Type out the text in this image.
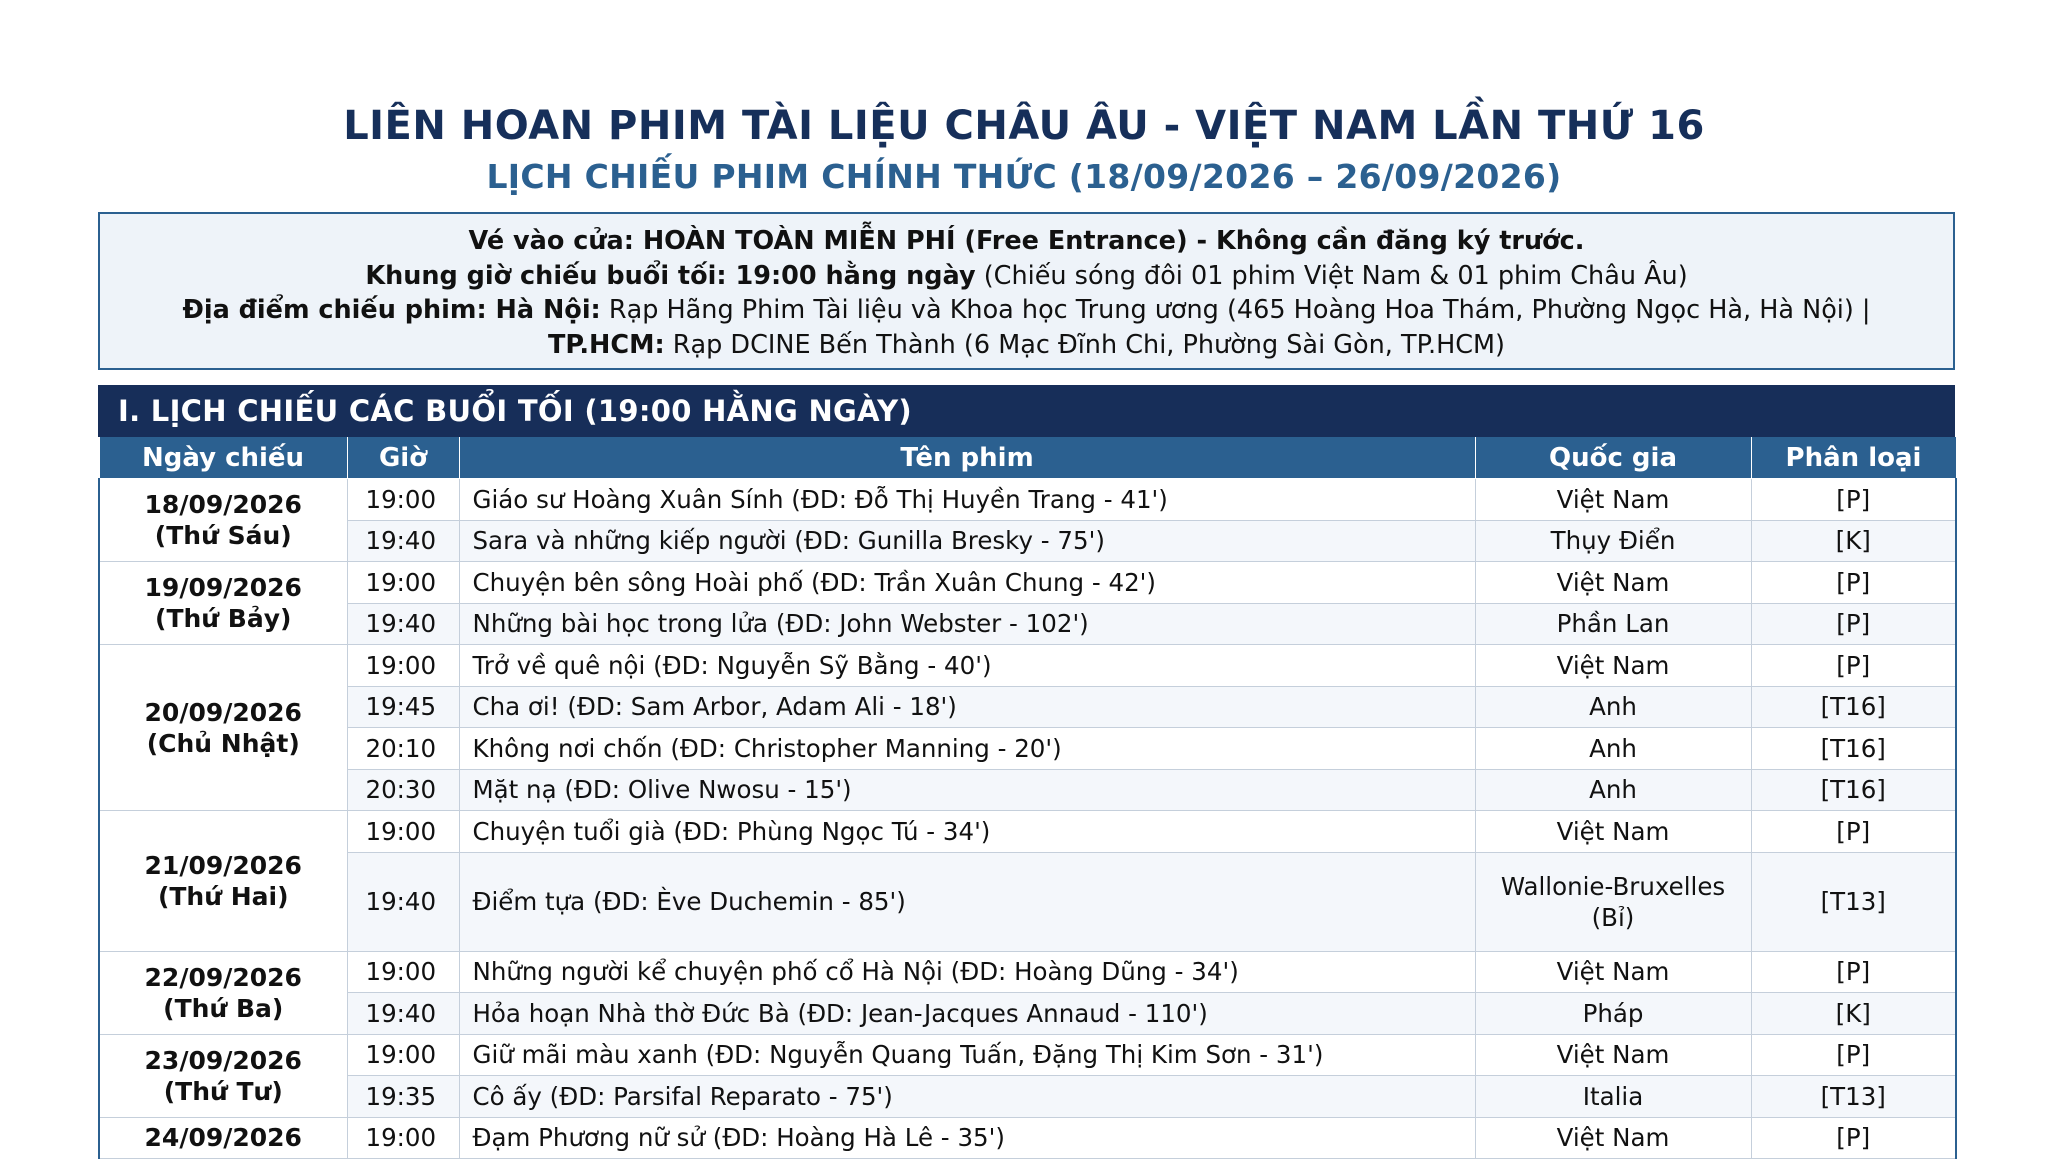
LIÊN HOAN PHIM TÀI LIỆU CHÂU ÂU - VIỆT NAM LẦN THỨ 16
LỊCH CHIẾU PHIM CHÍNH THỨC (18/09/2026 – 26/09/2026)
Vé vào cửa: HOÀN TOÀN MIỄN PHÍ (Free Entrance) - Không cần đăng ký trước.
Khung giờ chiếu buổi tối: 19:00 hằng ngày (Chiếu sóng đôi 01 phim Việt Nam & 01 phim Châu Âu)
Địa điểm chiếu phim: Hà Nội: Rạp Hãng Phim Tài liệu và Khoa học Trung ương (465 Hoàng Hoa Thám, Phường Ngọc Hà, Hà Nội) |
TP.HCM: Rạp DCINE Bến Thành (6 Mạc Đĩnh Chi, Phường Sài Gòn, TP.HCM)
I. LỊCH CHIẾU CÁC BUỔI TỐI (19:00 HẰNG NGÀY)
Ngày chiếu	Giờ	Tên phim	Quốc gia	Phân loại

18/09/2026
(Thứ Sáu)	19:00	Giáo sư Hoàng Xuân Sính (ĐD: Đỗ Thị Huyền Trang - 41')	Việt Nam	[P]
	19:40	Sara và những kiếp người (ĐD: Gunilla Bresky - 75')	Thụy Điển	[K]

19/09/2026
(Thứ Bảy)	19:00	Chuyện bên sông Hoài phố (ĐD: Trần Xuân Chung - 42')	Việt Nam	[P]
	19:40	Những bài học trong lửa (ĐD: John Webster - 102')	Phần Lan	[P]

20/09/2026
(Chủ Nhật)	19:00	Trở về quê nội (ĐD: Nguyễn Sỹ Bằng - 40')	Việt Nam	[P]
	19:45	Cha ơi! (ĐD: Sam Arbor, Adam Ali - 18')	Anh	[T16]
	20:10	Không nơi chốn (ĐD: Christopher Manning - 20')	Anh	[T16]
	20:30	Mặt nạ (ĐD: Olive Nwosu - 15')	Anh	[T16]

21/09/2026
(Thứ Hai)	19:00	Chuyện tuổi già (ĐD: Phùng Ngọc Tú - 34')	Việt Nam	[P]
	19:40	Điểm tựa (ĐD: Ève Duchemin - 85')	Wallonie-Bruxelles (Bỉ)	[T13]

22/09/2026
(Thứ Ba)	19:00	Những người kể chuyện phố cổ Hà Nội (ĐD: Hoàng Dũng - 34')	Việt Nam	[P]
	19:40	Hỏa hoạn Nhà thờ Đức Bà (ĐD: Jean-Jacques Annaud - 110')	Pháp	[K]

23/09/2026
(Thứ Tư)	19:00	Giữ mãi màu xanh (ĐD: Nguyễn Quang Tuấn, Đặng Thị Kim Sơn - 31')	Việt Nam	[P]
	19:35	Cô ấy (ĐD: Parsifal Reparato - 75')	Italia	[T13]

24/09/2026	19:00	Đạm Phương nữ sử (ĐD: Hoàng Hà Lê - 35')	Việt Nam	[P]
